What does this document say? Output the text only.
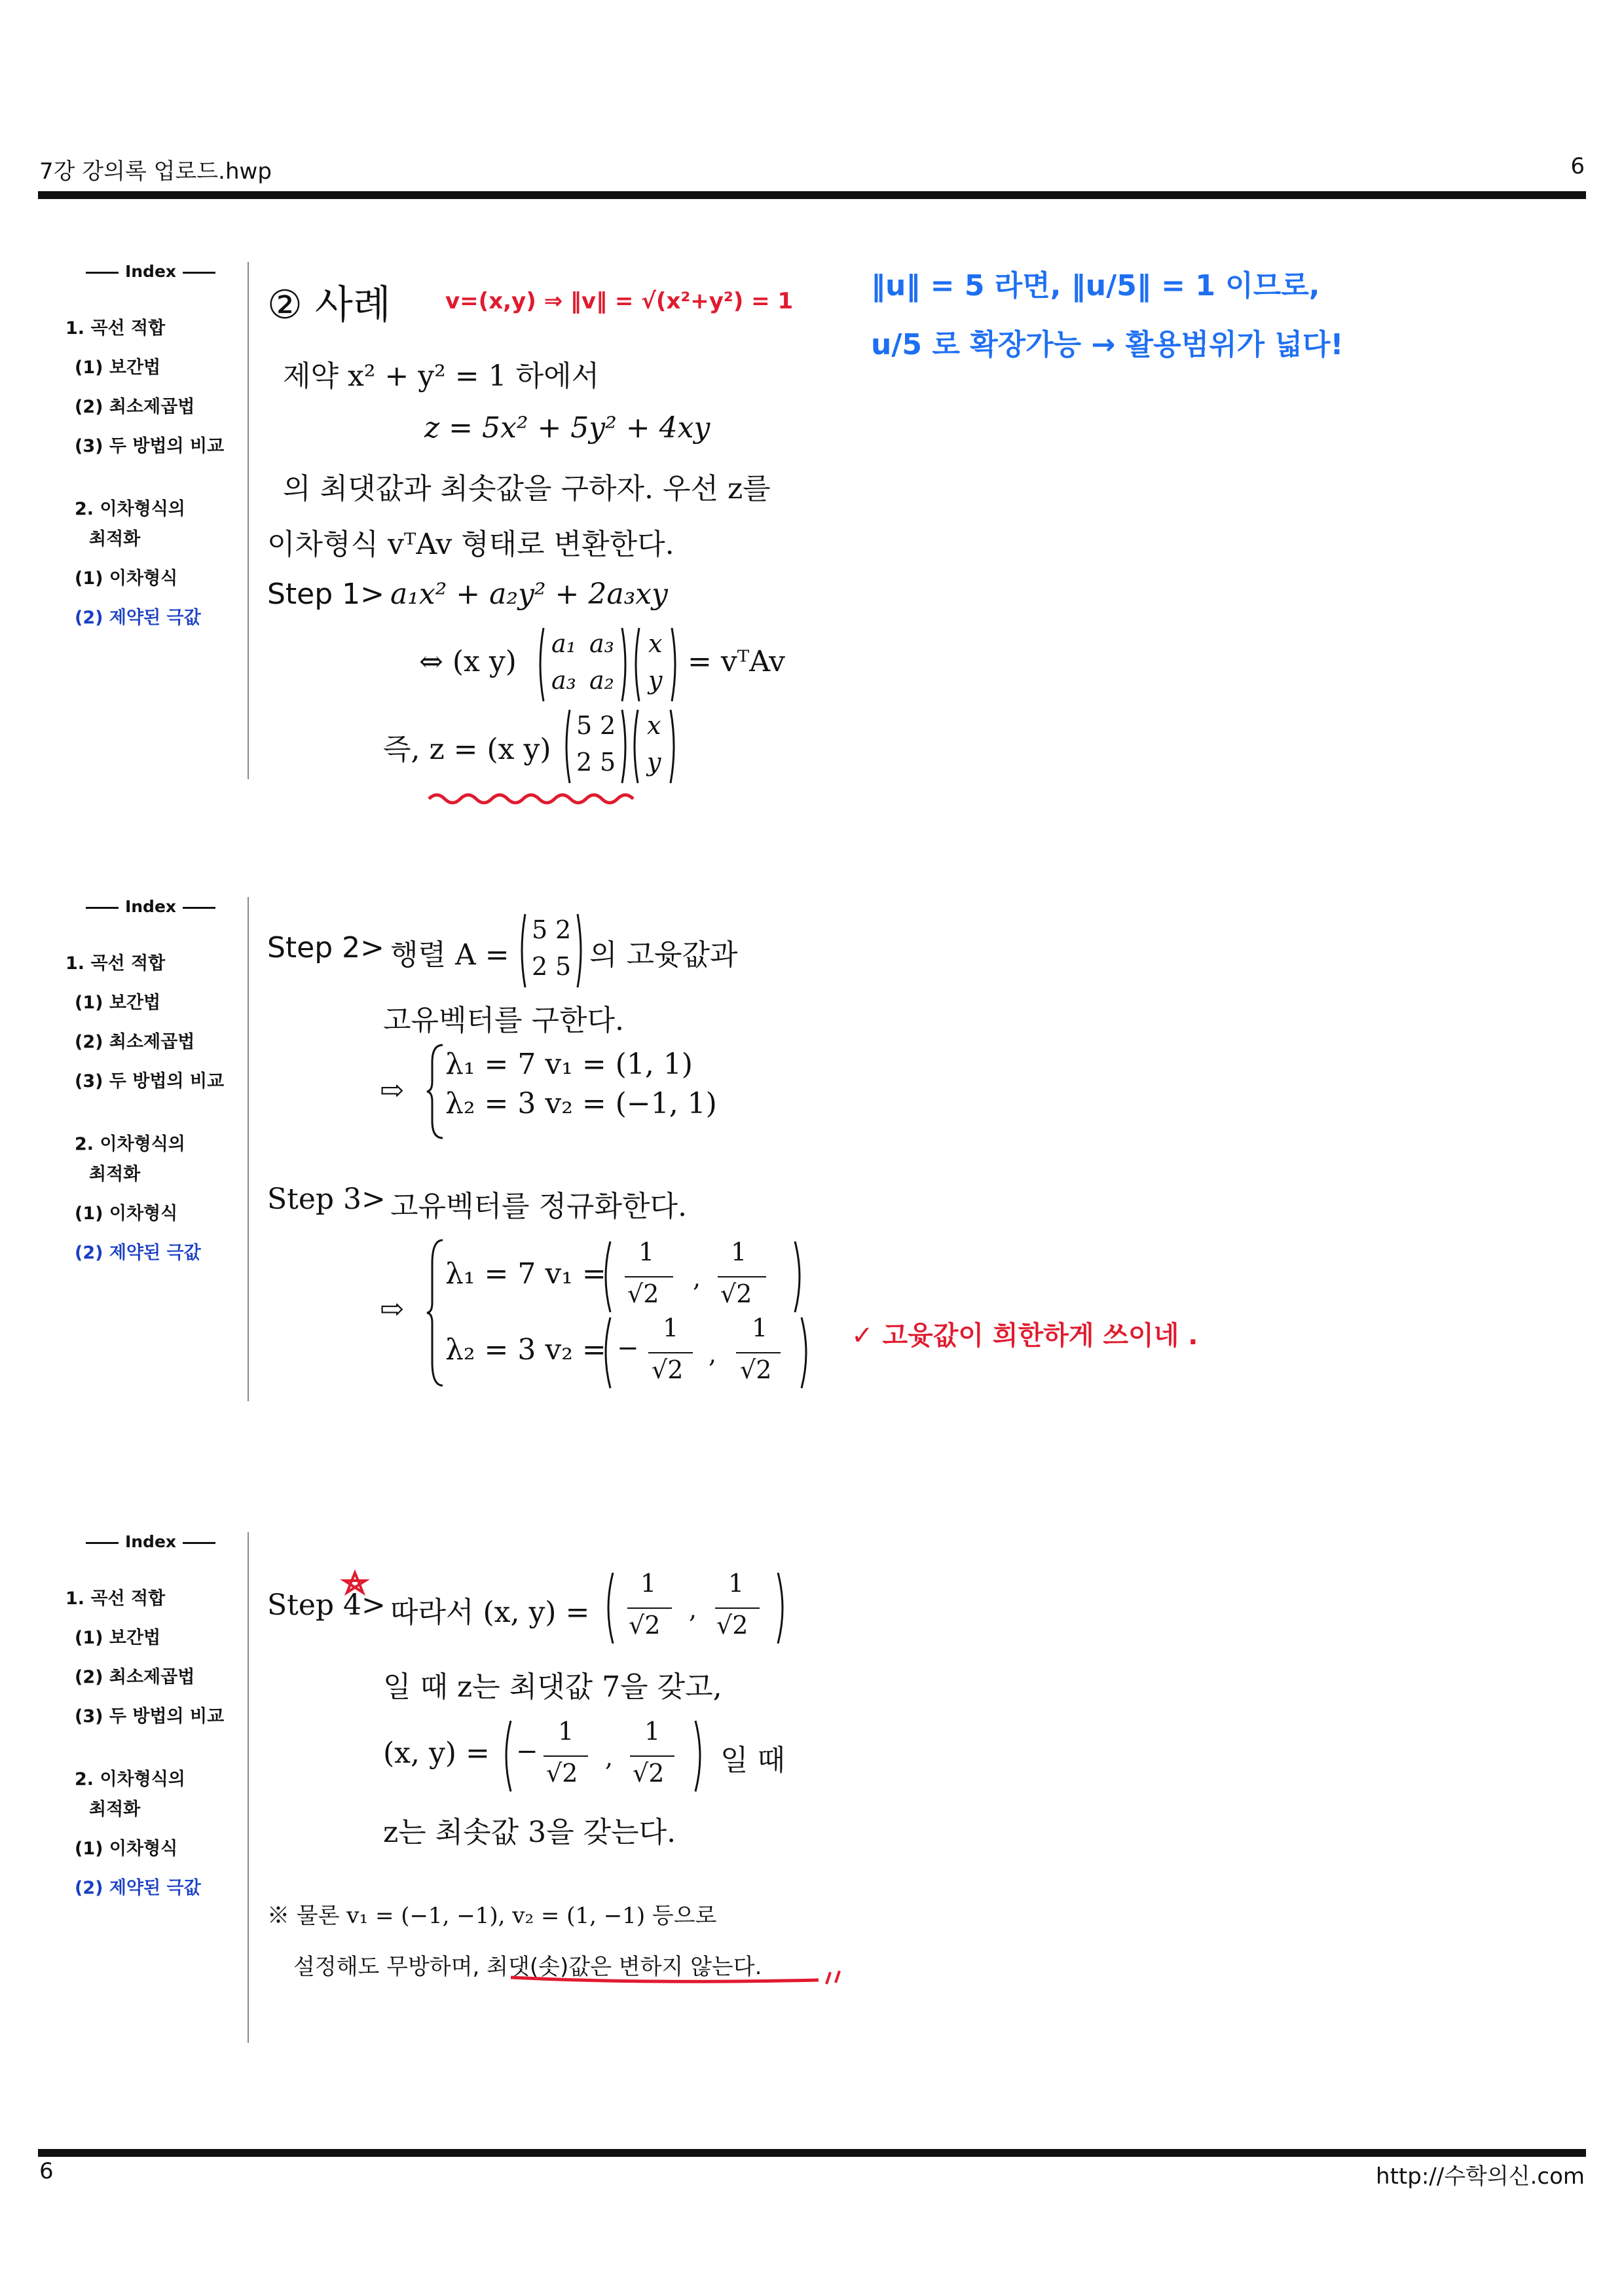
7강 강의록 업로드.hwp	6
Index
1. 곡선 적합
(1) 보간법
(2) 최소제곱법
(3) 두 방법의 비교
2. 이차형식의
최적화
(1) 이차형식
(2) 제약된 극값
② 사례 v=(x,y) ⇒ ‖v‖ = √(x²+y²) = 1	‖u‖ = 5 라면, ‖u/5‖ = 1 이므로,
u/5 로 확장가능 → 활용범위가 넓다!
제약 x² + y² = 1 하에서
z = 5x² + 5y² + 4xy
의 최댓값과 최솟값을 구하자. 우선 z를
이차형식 vᵀAv 형태로 변환한다.
Step 1> a₁x² + a₂y² + 2a₃xy
⇔ (x y)
a₁ a₃
a₃ a₂
x
y
= vᵀAv
즉, z = (x y)
5 2
2 5
x
y
Index
1. 곡선 적합
(1) 보간법
(2) 최소제곱법
(3) 두 방법의 비교
2. 이차형식의
최적화
(1) 이차형식
(2) 제약된 극값
Step 2> 행렬 A =
5 2
2 5 의 고윳값과
고유벡터를 구한다.
⇨
λ₁ = 7 v₁ = (1, 1)
λ₂ = 3 v₂ = (−1, 1)
Step 3> 고유벡터를 정규화한다.
⇨
λ₁ = 7 v₁ =
1
√2
,
1
√2
λ₂ = 3 v₂ = −
1
√2
,
1
√2
✓ 고윳값이 희한하게 쓰이네 .
Index
1. 곡선 적합
(1) 보간법
(2) 최소제곱법
(3) 두 방법의 비교
2. 이차형식의
최적화
(1) 이차형식
(2) 제약된 극값
Step 4> 따라서 (x, y) =
1
√2
,
1
√2
일 때 z는 최댓값 7을 갖고,
(x, y) = −
1
√2
,
1
√2 일 때
z는 최솟값 3을 갖는다.
※ 물론 v₁ = (−1, −1), v₂ = (1, −1) 등으로
설정해도 무방하며, 최댓(솟)값은 변하지 않는다.
6	http://수학의신.com
